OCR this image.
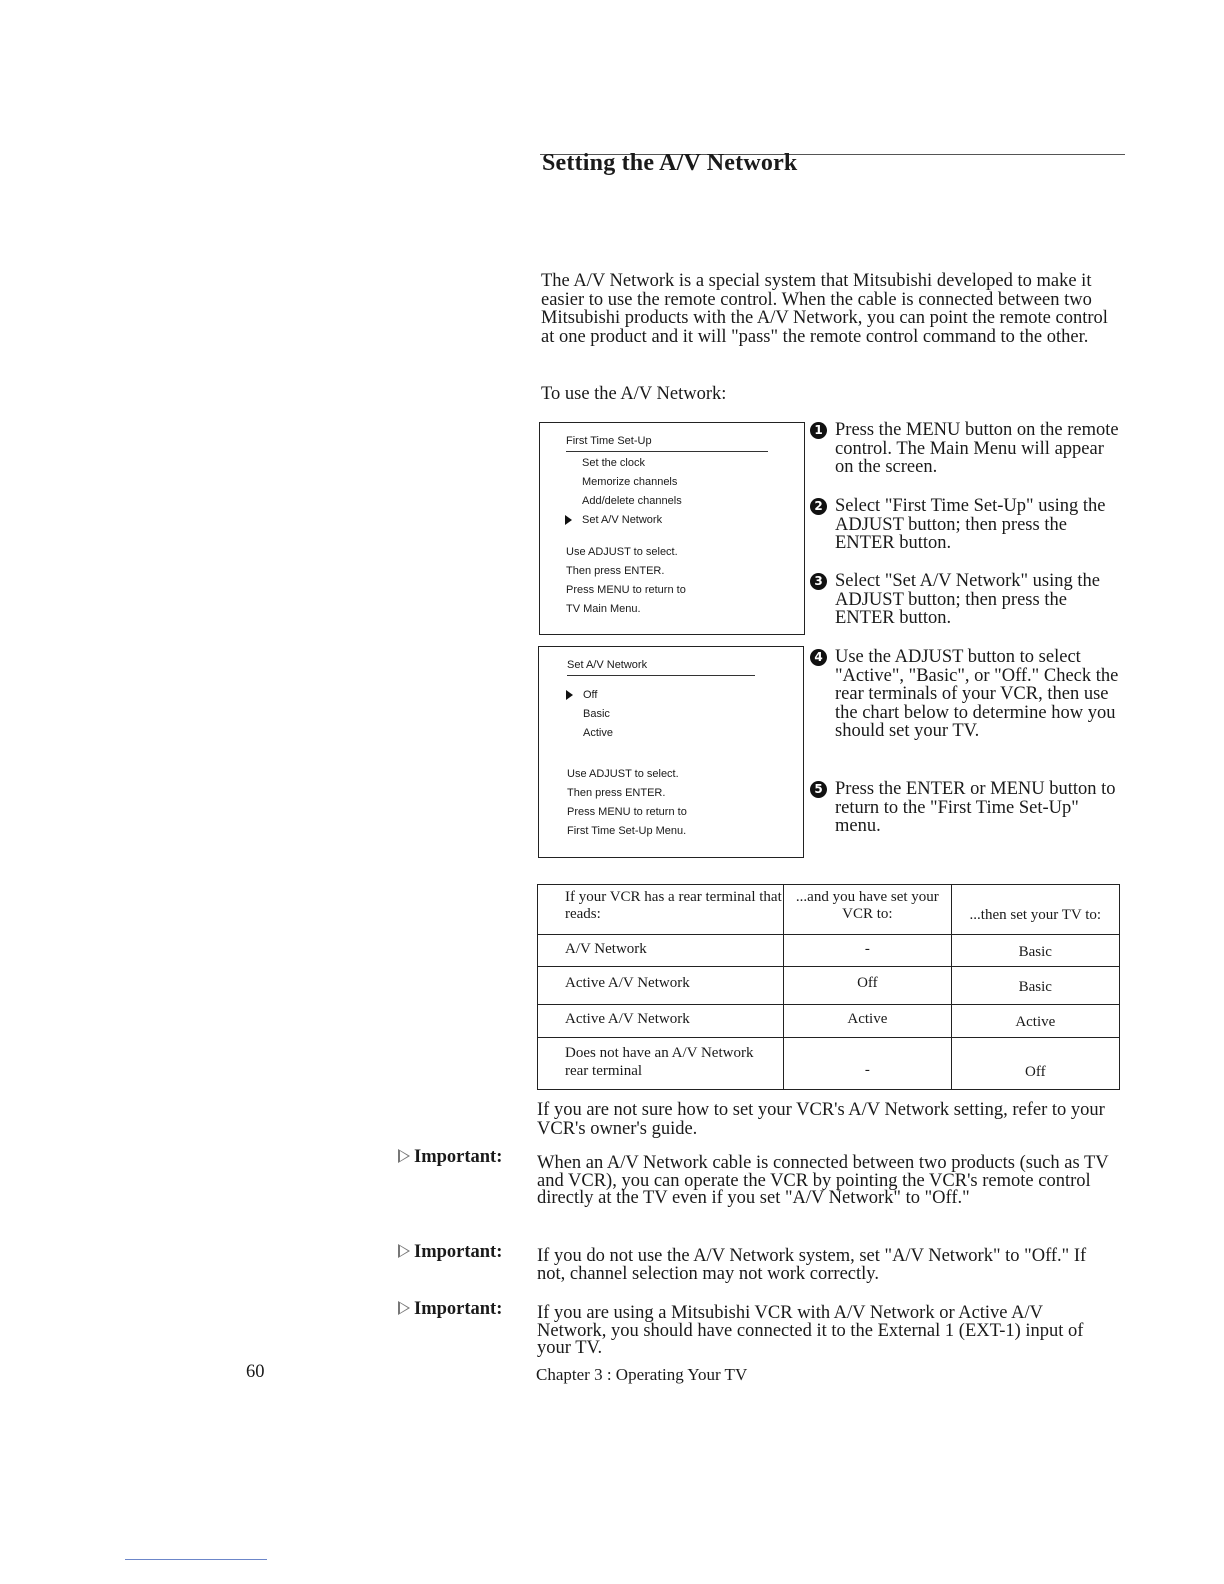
Setting the A/V Network
The A/V Network is a special system that Mitsubishi developed to make it easier to use the remote control. When the cable is connected between two Mitsubishi products with the A/V Network, you can point the remote control at one product and it will "pass" the remote control command to the other.
To use the A/V Network:
First Time Set-Up
Set the clock
Memorize channels
Add/delete channels
Set A/V Network
Use ADJUST to select.
Then press ENTER.
Press MENU to return to
TV Main Menu.
Set A/V Network
Off
Basic
Active
Use ADJUST to select.
Then press ENTER.
Press MENU to return to
First Time Set-Up Menu.
1 Press the MENU button on the remote control. The Main Menu will appear on the screen.
2 Select "First Time Set-Up" using the ADJUST button; then press the ENTER button.
3 Select "Set A/V Network" using the ADJUST button; then press the ENTER button.
4 Use the ADJUST button to select "Active", "Basic", or "Off." Check the rear terminals of your VCR, then use the chart below to determine how you should set your TV.
5 Press the ENTER or MENU button to return to the "First Time Set-Up" menu.
If your VCR has a rear terminal that reads:	...and you have set your VCR to:	...then set your TV to:
A/V Network	-	Basic
Active A/V Network	Off	Basic
Active A/V Network	Active	Active
Does not have an A/V Network rear terminal	-	Off
If you are not sure how to set your VCR's A/V Network setting, refer to your VCR's owner's guide.
Important: When an A/V Network cable is connected between two products (such as TV and VCR), you can operate the VCR by pointing the VCR's remote control directly at the TV even if you set "A/V Network" to "Off."
Important: If you do not use the A/V Network system, set "A/V Network" to "Off." If not, channel selection may not work correctly.
Important: If you are using a Mitsubishi VCR with A/V Network or Active A/V Network, you should have connected it to the External 1 (EXT-1) input of your TV.
60	Chapter 3 : Operating Your TV
